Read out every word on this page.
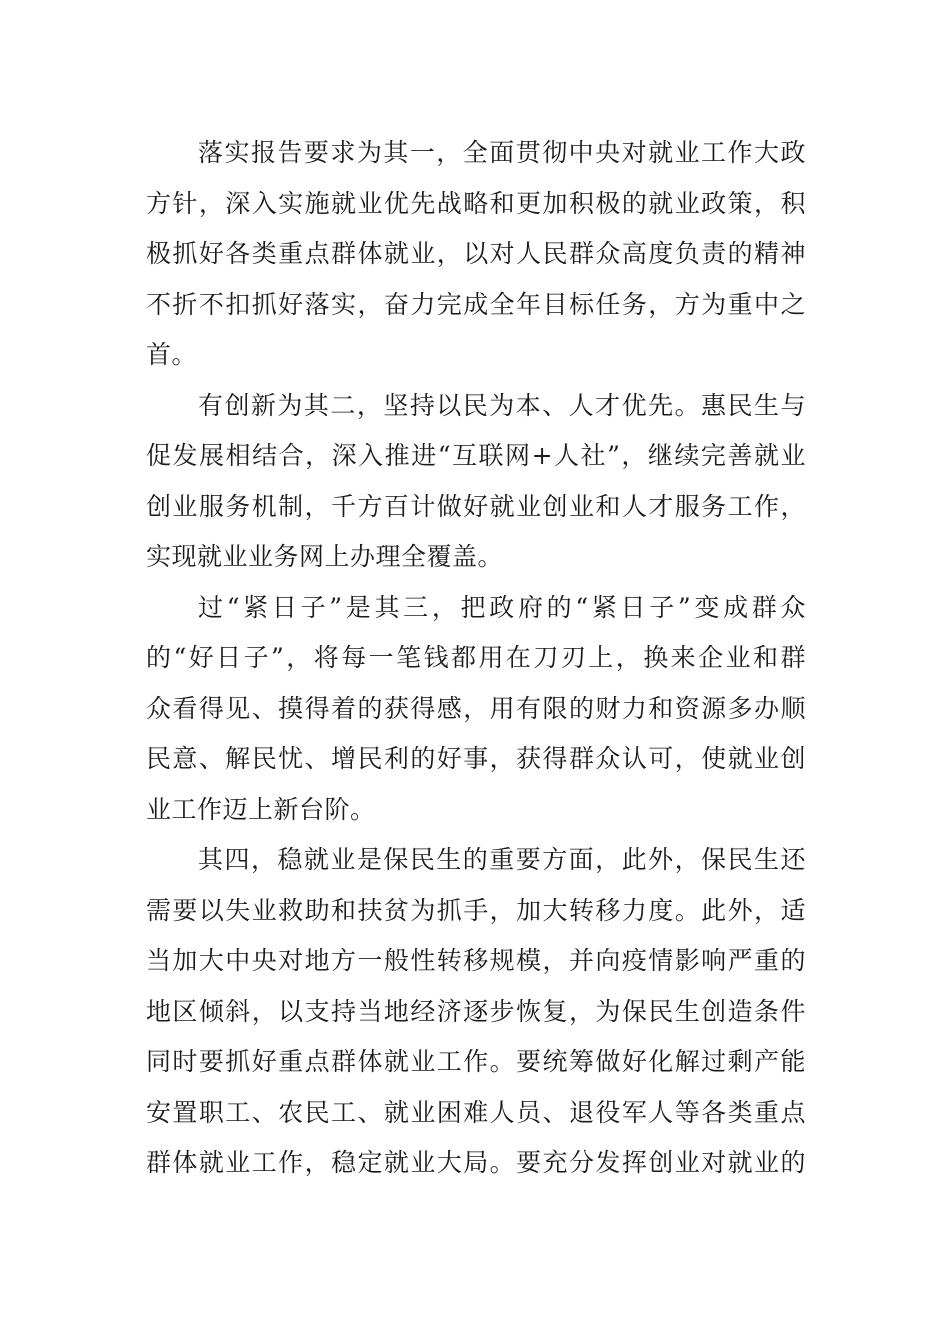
落实报告要求为其一，全面贯彻中央对就业工作大政
方针，深入实施就业优先战略和更加积极的就业政策，积
极抓好各类重点群体就业，以对人民群众高度负责的精神
不折不扣抓好落实，奋力完成全年目标任务，方为重中之
首。
有创新为其二，坚持以民为本、人才优先。惠民生与
促发展相结合，深入推进“互联网+人社”，继续完善就业
创业服务机制，千方百计做好就业创业和人才服务工作，
实现就业业务网上办理全覆盖。
过“紧日子”是其三，把政府的“紧日子”变成群众
的“好日子”，将每一笔钱都用在刀刃上，换来企业和群
众看得见、摸得着的获得感，用有限的财力和资源多办顺
民意、解民忧、增民利的好事，获得群众认可，使就业创
业工作迈上新台阶。
其四，稳就业是保民生的重要方面，此外，保民生还
需要以失业救助和扶贫为抓手，加大转移力度。此外，适
当加大中央对地方一般性转移规模，并向疫情影响严重的
地区倾斜，以支持当地经济逐步恢复，为保民生创造条件
同时要抓好重点群体就业工作。要统筹做好化解过剩产能
安置职工、农民工、就业困难人员、退役军人等各类重点
群体就业工作，稳定就业大局。要充分发挥创业对就业的
